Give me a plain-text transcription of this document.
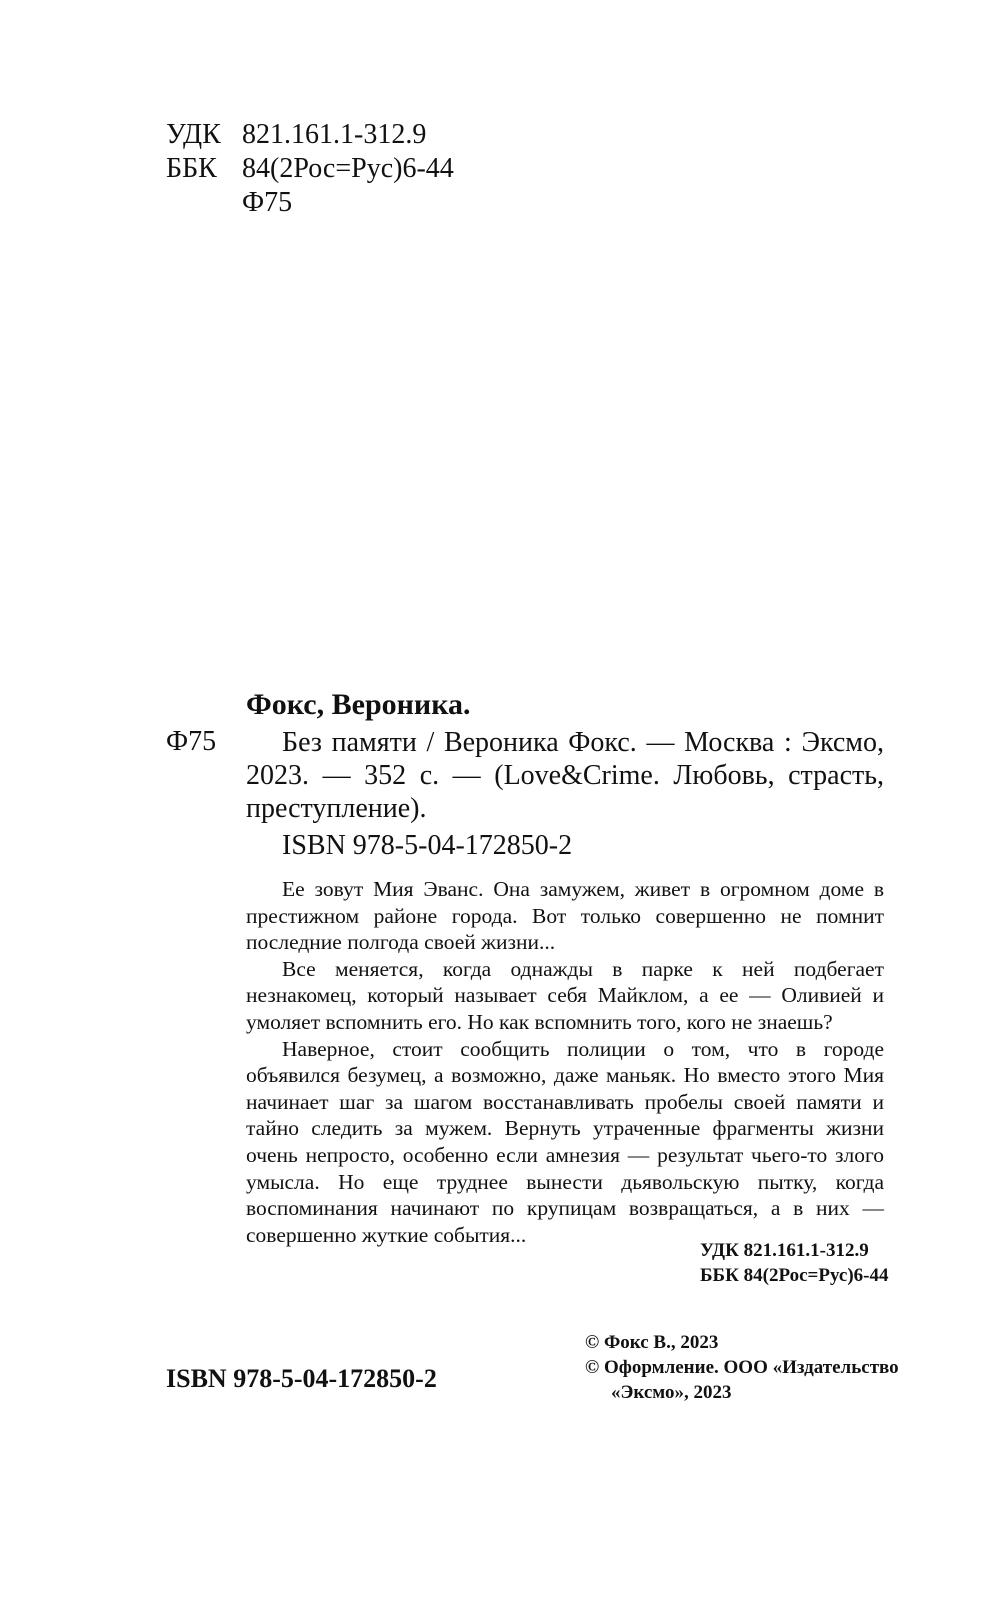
УДК 821.161.1-312.9
ББК 84(2Рос=Рус)6-44
Ф75
Фокс, Вероника.
Ф75	Без памяти / Вероника Фокс. — Москва : Эксмо, 2023. — 352 с. — (Love&Crime. Любовь, страсть, преступление).
ISBN 978-5-04-172850-2

Ее зовут Мия Эванс. Она замужем, живет в огромном доме в престижном районе города. Вот только совершенно не помнит последние полгода своей жизни...

Все меняется, когда однажды в парке к ней подбегает незнакомец, который называет себя Майклом, а ее — Оливией и умоляет вспомнить его. Но как вспомнить того, кого не знаешь?

Наверное, стоит сообщить полиции о том, что в городе объявился безумец, а возможно, даже маньяк. Но вместо этого Мия начинает шаг за шагом восстанавливать пробелы своей памяти и тайно следить за мужем. Вернуть утраченные фрагменты жизни очень непросто, особенно если амнезия — результат чьего-то злого умысла. Но еще труднее вынести дьявольскую пытку, когда воспоминания начинают по крупицам возвращаться, а в них — совершенно жуткие события...

УДК 821.161.1-312.9
ББК 84(2Рос=Рус)6-44
© Фокс В., 2023
© Оформление. ООО «Издательство
«Эксмо», 2023
ISBN 978-5-04-172850-2
